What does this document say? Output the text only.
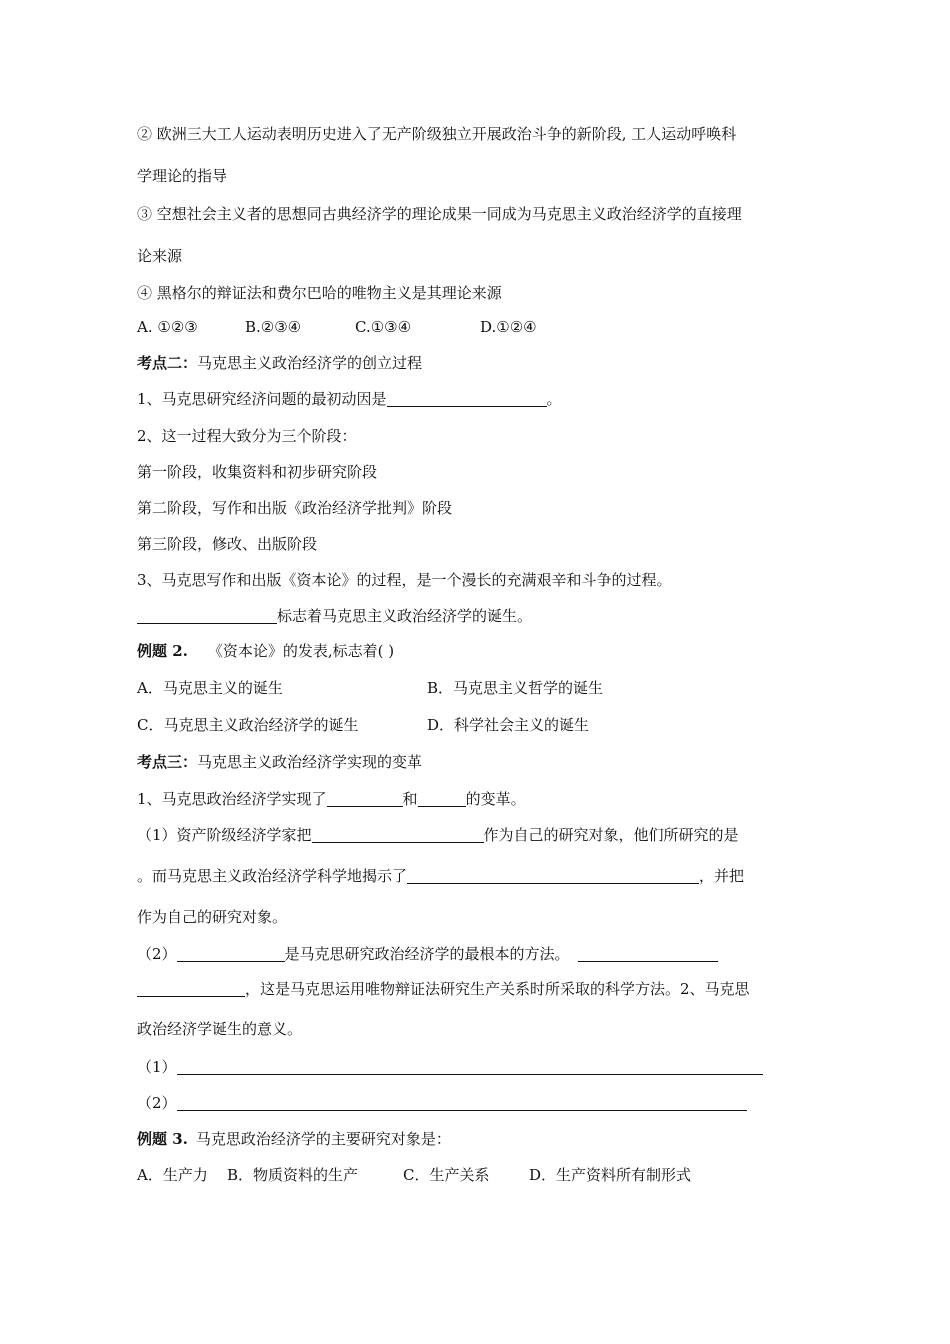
② 欧洲三大工人运动表明历史进入了无产阶级独立开展政治斗争的新阶段, 工人运动呼唤科
学理论的指导
③ 空想社会主义者的思想同古典经济学的理论成果一同成为马克思主义政治经济学的直接理
论来源
④ 黑格尔的辩证法和费尔巴哈的唯物主义是其理论来源
A. ①②③	B.②③④	C.①③④	D.①②④
考点二：马克思主义政治经济学的创立过程
1、马克思研究经济问题的最初动因是	。
2、这一过程大致分为三个阶段：
第一阶段，收集资料和初步研究阶段
第二阶段，写作和出版《政治经济学批判》阶段
第三阶段，修改、出版阶段
3、马克思写作和出版《资本论》的过程，是一个漫长的充满艰辛和斗争的过程。
标志着马克思主义政治经济学的诞生。
例题 2. 《资本论》的发表,标志着( )
A．马克思主义的诞生	B．马克思主义哲学的诞生
C．马克思主义政治经济学的诞生	D．科学社会主义的诞生
考点三：马克思主义政治经济学实现的变革
1、马克思政治经济学实现了	和	的变革。
（1）资产阶级经济学家把	作为自己的研究对象，他们所研究的是
。而马克思主义政治经济学科学地揭示了	，并把
作为自己的研究对象。
（2）	是马克思研究政治经济学的最根本的方法。
，这是马克思运用唯物辩证法研究生产关系时所采取的科学方法。2、马克思
政治经济学诞生的意义。
（1）
（2）
例题 3. 马克思政治经济学的主要研究对象是：
A．生产力 B．物质资料的生产	C．生产关系	D．生产资料所有制形式
